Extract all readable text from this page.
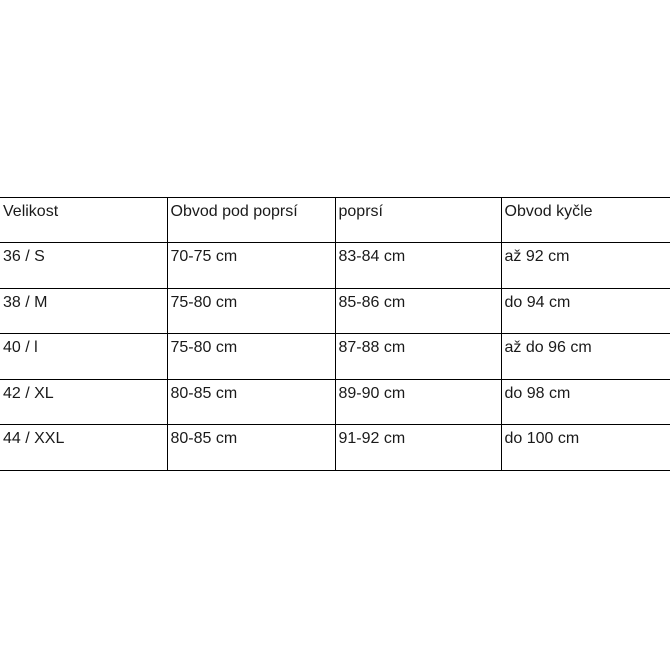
Velikost	Obvod pod poprsí	poprsí	Obvod kyčle
36 / S	70-75 cm	83-84 cm	až 92 cm
38 / M	75-80 cm	85-86 cm	do 94 cm
40 / l	75-80 cm	87-88 cm	až do 96 cm
42 / XL	80-85 cm	89-90 cm	do 98 cm
44 / XXL	80-85 cm	91-92 cm	do 100 cm
